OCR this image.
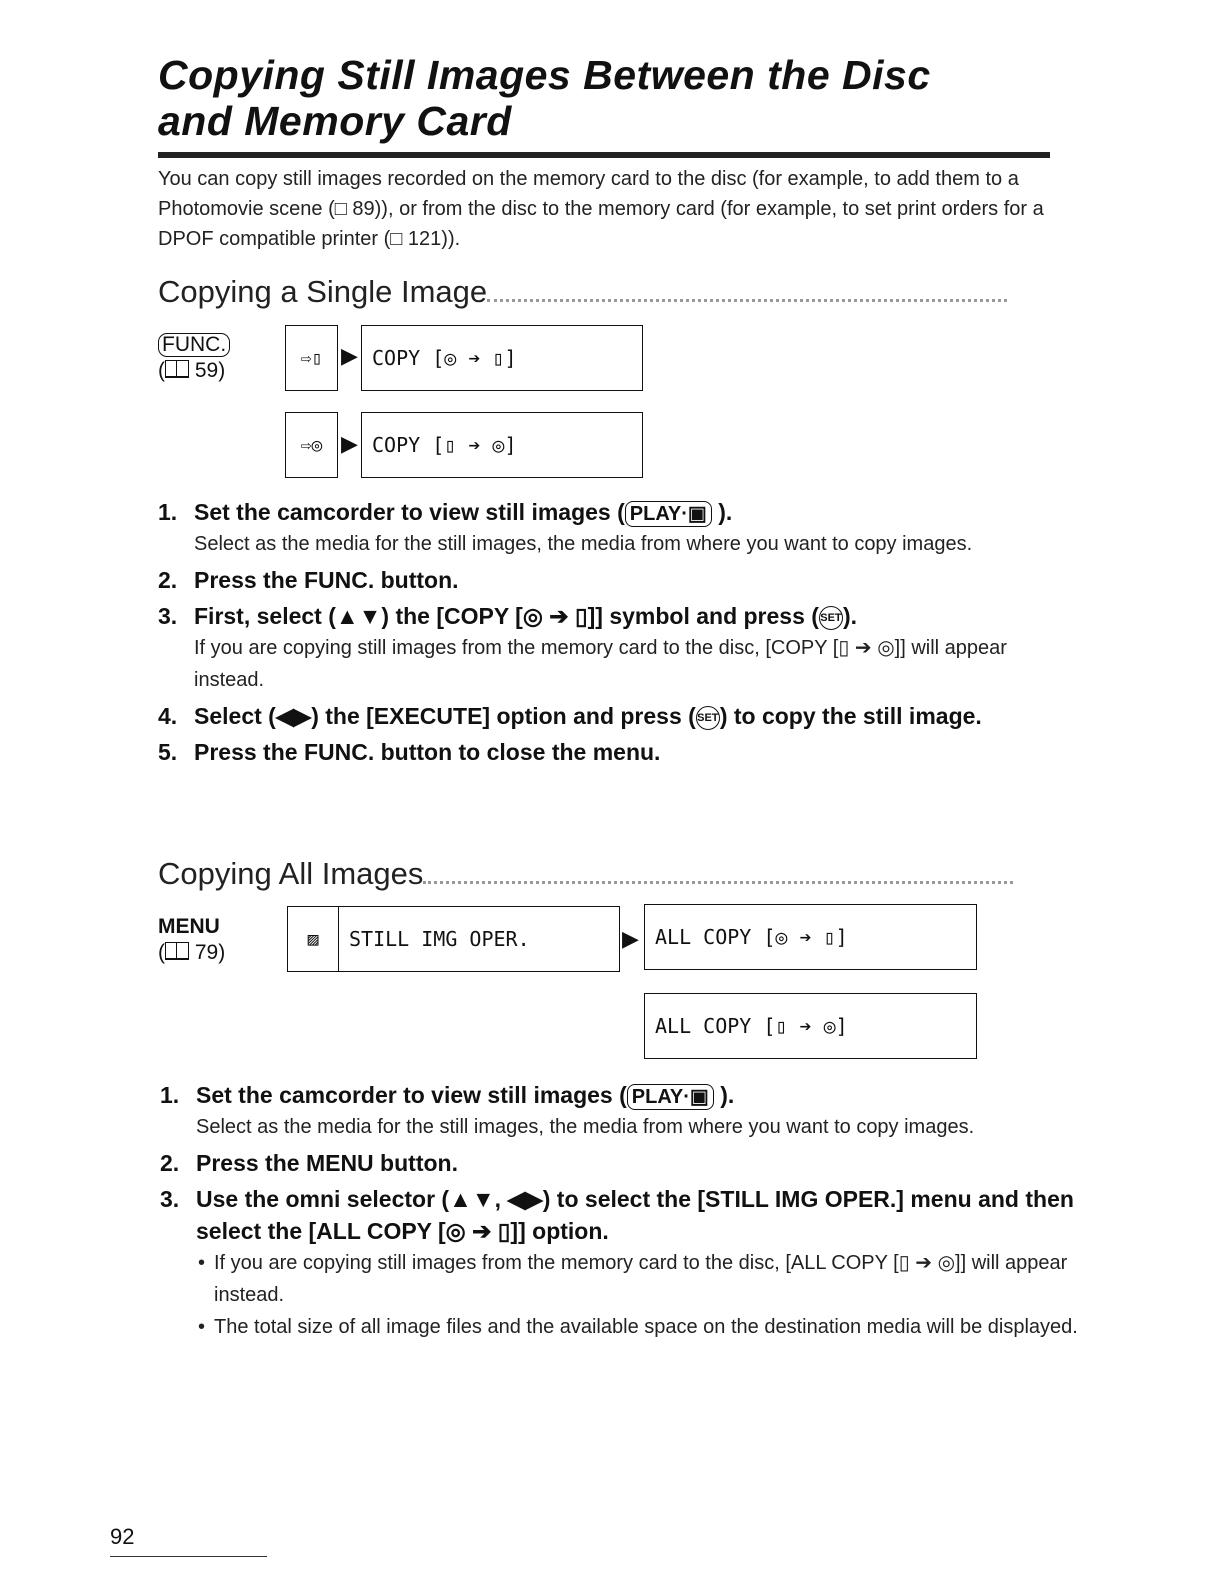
Copying Still Images Between the Disc
and Memory Card
You can copy still images recorded on the memory card to the disc (for example, to add them to a Photomovie scene (□ 89)), or from the disc to the memory card (for example, to set print orders for a DPOF compatible printer (□ 121)).
Copying a Single Image
FUNC.
( 59)
⇨▯ ▶ COPY [◎ ➔ ▯]
⇨◎ ▶ COPY [▯ ➔ ◎]
1. Set the camcorder to view still images ( PLAY·▣ ).
Select as the media for the still images, the media from where you want to copy images.
2. Press the FUNC. button.
3. First, select (▲▼) the [COPY [◎ ➔ ▯]] symbol and press (SET).
If you are copying still images from the memory card to the disc, [COPY [▯ ➔ ◎]] will appear instead.
4. Select (◀▶) the [EXECUTE] option and press (SET) to copy the still image.
5. Press the FUNC. button to close the menu.
Copying All Images
MENU
( 79)
▨	STILL IMG OPER.	▶ ALL COPY [◎ ➔ ▯]
ALL COPY [▯ ➔ ◎]
1. Set the camcorder to view still images ( PLAY·▣ ).
Select as the media for the still images, the media from where you want to copy images.
2. Press the MENU button.
3. Use the omni selector (▲▼, ◀▶) to select the [STILL IMG OPER.] menu and then select the [ALL COPY [◎ ➔ ▯]] option.
• If you are copying still images from the memory card to the disc, [ALL COPY [▯ ➔ ◎]] will appear instead.
• The total size of all image files and the available space on the destination media will be displayed.
92
